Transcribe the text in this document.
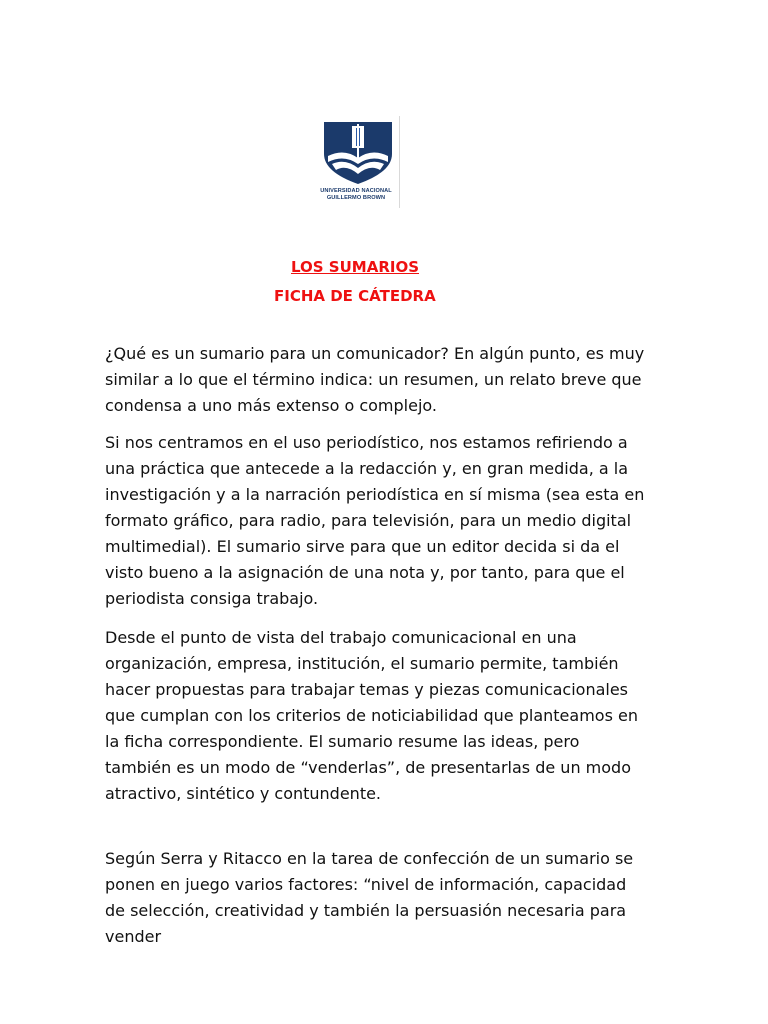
UNIVERSIDAD NACIONAL
GUILLERMO BROWN
LOS SUMARIOS
FICHA DE CÁTEDRA

¿Qué es un sumario para un comunicador? En algún punto, es muy similar a lo que el término indica: un resumen, un relato breve que condensa a uno más extenso o complejo.

Si nos centramos en el uso periodístico, nos estamos refiriendo a una práctica que antecede a la redacción y, en gran medida, a la investigación y a la narración periodística en sí misma (sea esta en formato gráfico, para radio, para televisión, para un medio digital multimedial). El sumario sirve para que un editor decida si da el visto bueno a la asignación de una nota y, por tanto, para que el periodista consiga trabajo.

Desde el punto de vista del trabajo comunicacional en una organización, empresa, institución, el sumario permite, también hacer propuestas para trabajar temas y piezas comunicacionales que cumplan con los criterios de noticiabilidad que planteamos en la ficha correspondiente. El sumario resume las ideas, pero también es un modo de “venderlas”, de presentarlas de un modo atractivo, sintético y contundente.

Según Serra y Ritacco en la tarea de confección de un sumario se ponen en juego varios factores: “nivel de información, capacidad de selección, creatividad y también la persuasión necesaria para vender
